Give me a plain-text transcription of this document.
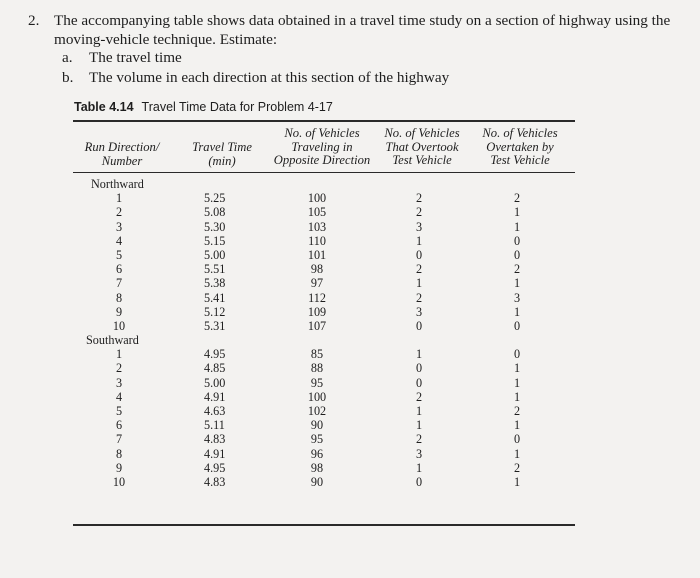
2. The accompanying table shows data obtained in a travel time study on a section of highway using the moving-vehicle technique. Estimate:
a. The travel time
b. The volume in each direction at this section of the highway
Table 4.14 Travel Time Data for Problem 4-17
Run Direction/
Number
Travel Time
(min)
No. of Vehicles
Traveling in
Opposite Direction
No. of Vehicles
That Overtook
Test Vehicle
No. of Vehicles
Overtaken by
Test Vehicle
Northward
1
2
3
4
5
6
7
8
9
10
Southward
1
2
3
4
5
6
7
8
9
10
5.25
5.08
5.30
5.15
5.00
5.51
5.38
5.41
5.12
5.31
4.95
4.85
5.00
4.91
4.63
5.11
4.83
4.91
4.95
4.83
100
105
103
110
101
98
97
112
109
107
85
88
95
100
102
90
95
96
98
90
2
2
3
1
0
2
1
2
3
0
1
0
0
2
1
1
2
3
1
0
2
1
1
0
0
2
1
3
1
0
0
1
1
1
2
1
0
1
2
1
